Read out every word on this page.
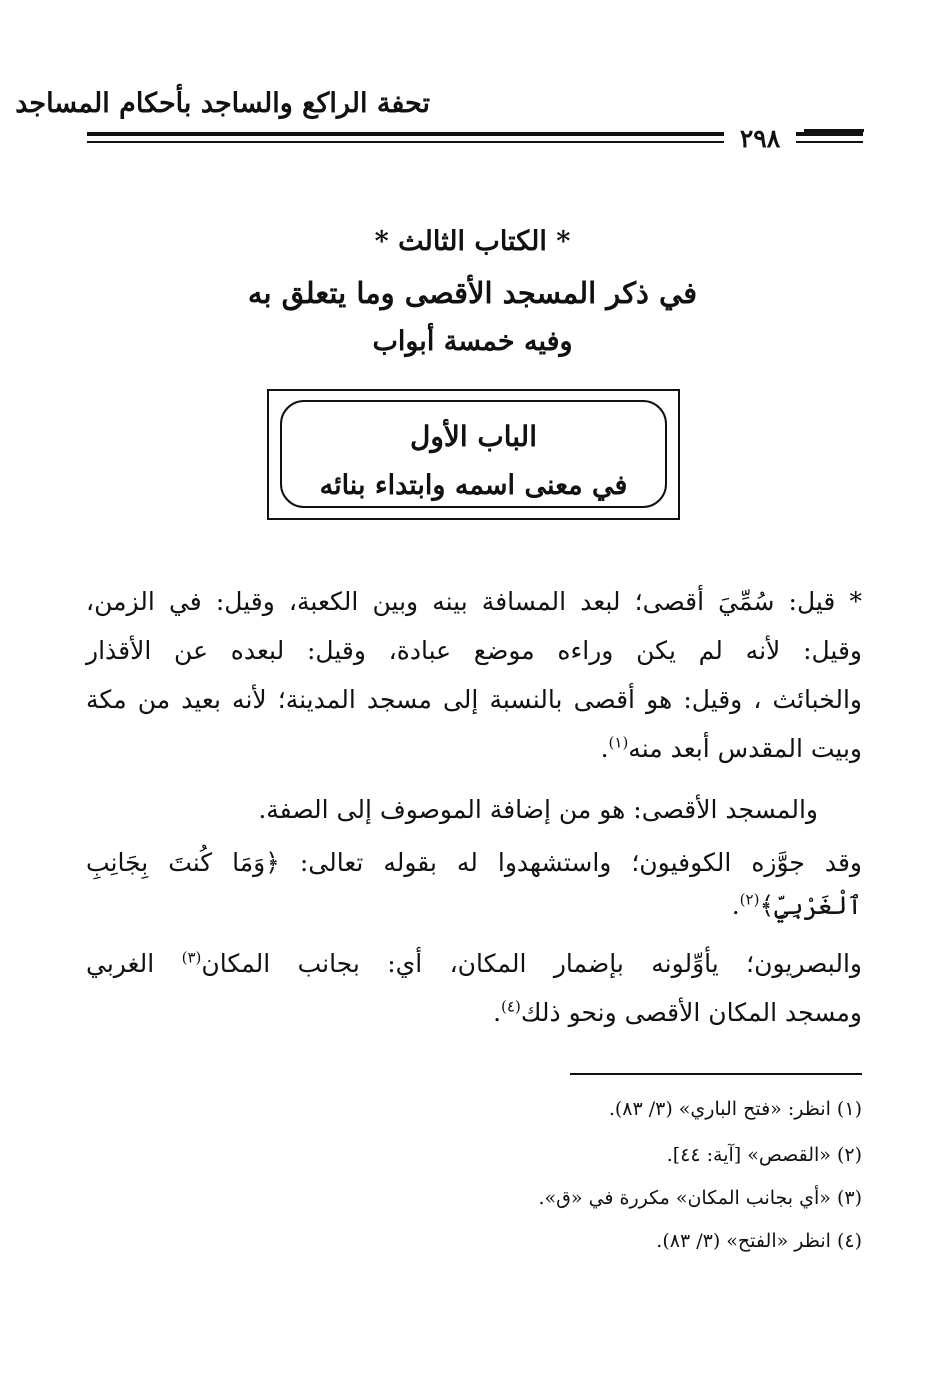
تحفة الراكع والساجد بأحكام المساجد
٢٩٨
* الكتاب الثالث *
في ذكر المسجد الأقصى وما يتعلق به
وفيه خمسة أبواب
الباب الأول
في معنى اسمه وابتداء بنائه
* قيل: سُمِّيَ أقصى؛ لبعد المسافة بينه وبين الكعبة، وقيل: في الزمن،
وقيل: لأنه لم يكن وراءه موضع عبادة، وقيل: لبعده عن الأقذار
والخبائث ، وقيل: هو أقصى بالنسبة إلى مسجد المدينة؛ لأنه بعيد من مكة
وبيت المقدس أبعد منه$^{(١)}$.
والمسجد الأقصى: هو من إضافة الموصوف إلى الصفة.
وقد جوَّزه الكوفيون؛ واستشهدوا له بقوله تعالى: ﴿وَمَا كُنتَ بِجَانِبِ
ٱلْغَرْبِيِّ﴾$^{(٢)}$.
والبصريون؛ يأوِّلونه بإضمار المكان، أي: بجانب المكان$^{(٣)}$ الغربي
ومسجد المكان الأقصى ونحو ذلك$^{(٤)}$.
(١) انظر: «فتح الباري» (٣/ ٨٣).
(٢) «القصص» [آية: ٤٤].
(٣) «أي بجانب المكان» مكررة في «ق».
(٤) انظر «الفتح» (٣/ ٨٣).
